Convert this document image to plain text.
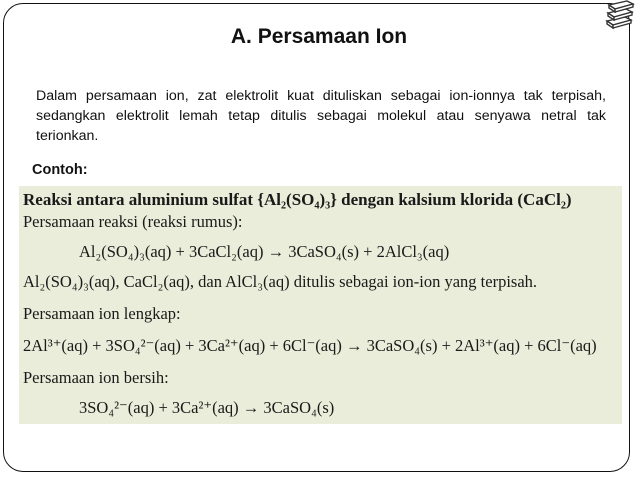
A. Persamaan Ion
Dalam persamaan ion, zat elektrolit kuat dituliskan sebagai ion-ionnya tak terpisah, sedangkan elektrolit lemah tetap ditulis sebagai molekul atau senyawa netral tak terionkan.
Contoh:
Reaksi antara aluminium sulfat {Al₂(SO₄)₃} dengan kalsium klorida (CaCl₂)
Persamaan reaksi (reaksi rumus):
Al₂(SO₄)₃(aq) + 3CaCl₂(aq) → 3CaSO₄(s) + 2AlCl₃(aq)
Al₂(SO₄)₃(aq), CaCl₂(aq), dan AlCl₃(aq) ditulis sebagai ion-ion yang terpisah.
Persamaan ion lengkap:
2Al³⁺(aq) + 3SO₄²⁻(aq) + 3Ca²⁺(aq) + 6Cl⁻(aq) → 3CaSO₄(s) + 2Al³⁺(aq) + 6Cl⁻(aq)
Persamaan ion bersih:
3SO₄²⁻(aq) + 3Ca²⁺(aq) → 3CaSO₄(s)
